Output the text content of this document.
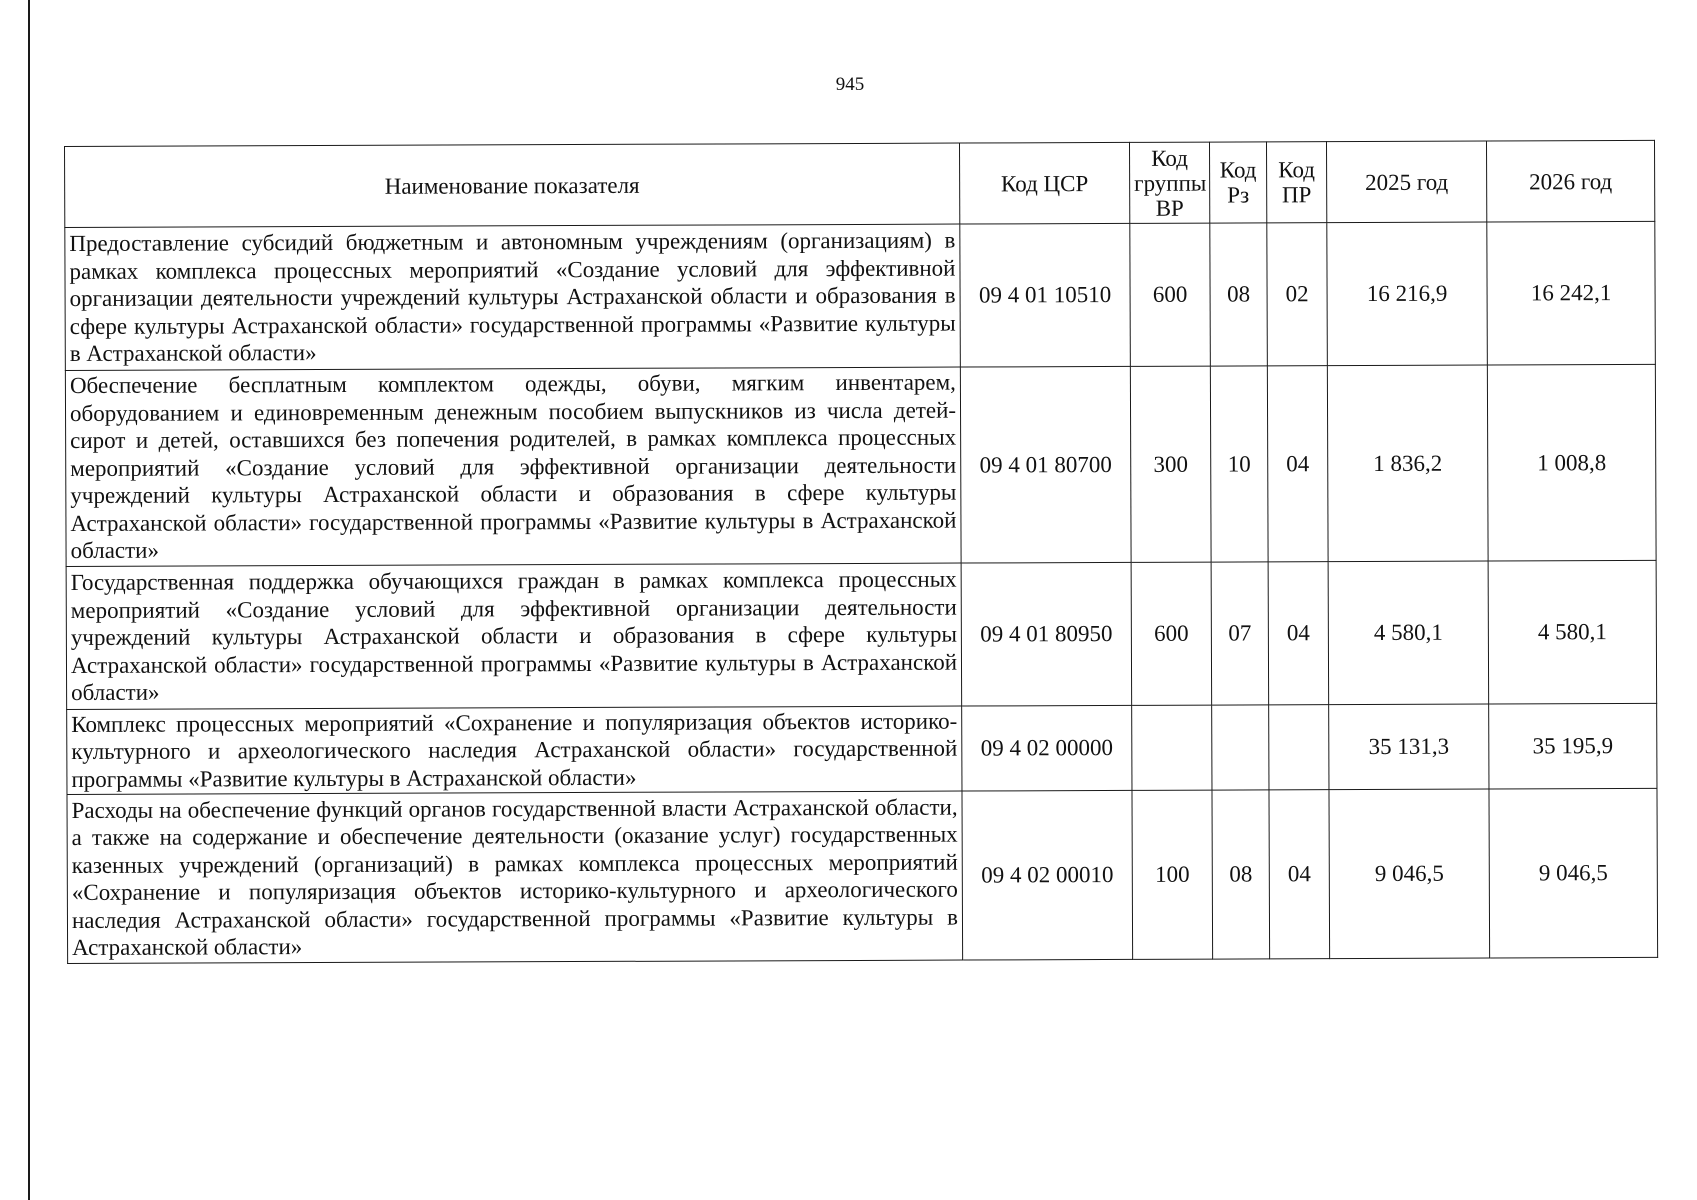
945
Наименование показателя	Код ЦСР	Код группы ВР	Код Рз	Код ПР	2025 год	2026 год
Предоставление субсидий бюджетным и автономным учреждениям (организациям) в рамках комплекса процессных мероприятий «Создание условий для эффективной организации деятельности учреждений культуры Астраханской области и образования в сфере культуры Астраханской области» государственной программы «Развитие культуры в Астраханской области»	09 4 01 10510	600	08	02	16 216,9	16 242,1
Обеспечение бесплатным комплектом одежды, обуви, мягким инвентарем, оборудованием и единовременным денежным пособием выпускников из числа детей-сирот и детей, оставшихся без попечения родителей, в рамках комплекса процессных мероприятий «Создание условий для эффективной организации деятельности учреждений культуры Астраханской области и образования в сфере культуры Астраханской области» государственной программы «Развитие культуры в Астраханской области»	09 4 01 80700	300	10	04	1 836,2	1 008,8
Государственная поддержка обучающихся граждан в рамках комплекса процессных мероприятий «Создание условий для эффективной организации деятельности учреждений культуры Астраханской области и образования в сфере культуры Астраханской области» государственной программы «Развитие культуры в Астраханской области»	09 4 01 80950	600	07	04	4 580,1	4 580,1
Комплекс процессных мероприятий «Сохранение и популяризация объектов историко-культурного и археологического наследия Астраханской области» государственной программы «Развитие культуры в Астраханской области»	09 4 02 00000				35 131,3	35 195,9
Расходы на обеспечение функций органов государственной власти Астраханской области, а также на содержание и обеспечение деятельности (оказание услуг) государственных казенных учреждений (организаций) в рамках комплекса процессных мероприятий «Сохранение и популяризация объектов историко-культурного и археологического наследия Астраханской области» государственной программы «Развитие культуры в Астраханской области»	09 4 02 00010	100	08	04	9 046,5	9 046,5
